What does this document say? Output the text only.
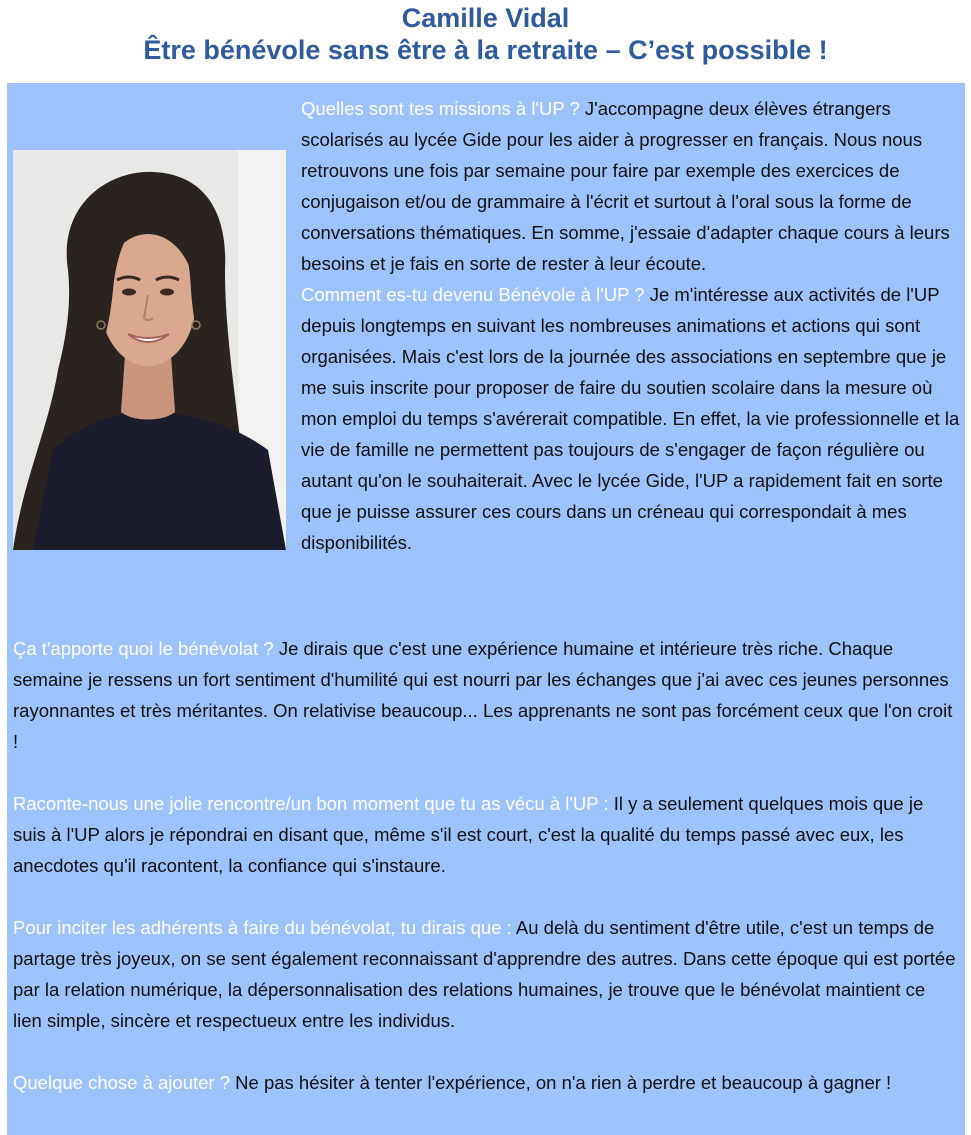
Camille Vidal
Être bénévole sans être à la retraite – C’est possible !

Quelles sont tes missions à l'UP ? J'accompagne deux élèves étrangers scolarisés au lycée Gide pour les aider à progresser en français. Nous nous retrouvons une fois par semaine pour faire par exemple des exercices de conjugaison et/ou de grammaire à l'écrit et surtout à l'oral sous la forme de conversations thématiques. En somme, j'essaie d'adapter chaque cours à leurs besoins et je fais en sorte de rester à leur écoute.

Comment es-tu devenu Bénévole à l'UP ? Je m'intéresse aux activités de l'UP depuis longtemps en suivant les nombreuses animations et actions qui sont organisées. Mais c'est lors de la journée des associations en septembre que je me suis inscrite pour proposer de faire du soutien scolaire dans la mesure où mon emploi du temps s'avérerait compatible. En effet, la vie professionnelle et la vie de famille ne permettent pas toujours de s'engager de façon régulière ou autant qu'on le souhaiterait. Avec le lycée Gide, l'UP a rapidement fait en sorte que je puisse assurer ces cours dans un créneau qui correspondait à mes disponibilités.

Ça t'apporte quoi le bénévolat ? Je dirais que c'est une expérience humaine et intérieure très riche. Chaque semaine je ressens un fort sentiment d'humilité qui est nourri par les échanges que j'ai avec ces jeunes personnes rayonnantes et très méritantes. On relativise beaucoup... Les apprenants ne sont pas forcément ceux que l'on croit !
Raconte-nous une jolie rencontre/un bon moment que tu as vécu à l'UP : Il y a seulement quelques mois que je suis à l'UP alors je répondrai en disant que, même s'il est court, c'est la qualité du temps passé avec eux, les anecdotes qu'il racontent, la confiance qui s'instaure.
Pour inciter les adhérents à faire du bénévolat, tu dirais que : Au delà du sentiment d'être utile, c'est un temps de partage très joyeux, on se sent également reconnaissant d'apprendre des autres. Dans cette époque qui est portée par la relation numérique, la dépersonnalisation des relations humaines, je trouve que le bénévolat maintient ce lien simple, sincère et respectueux entre les individus.
Quelque chose à ajouter ? Ne pas hésiter à tenter l'expérience, on n'a rien à perdre et beaucoup à gagner !
